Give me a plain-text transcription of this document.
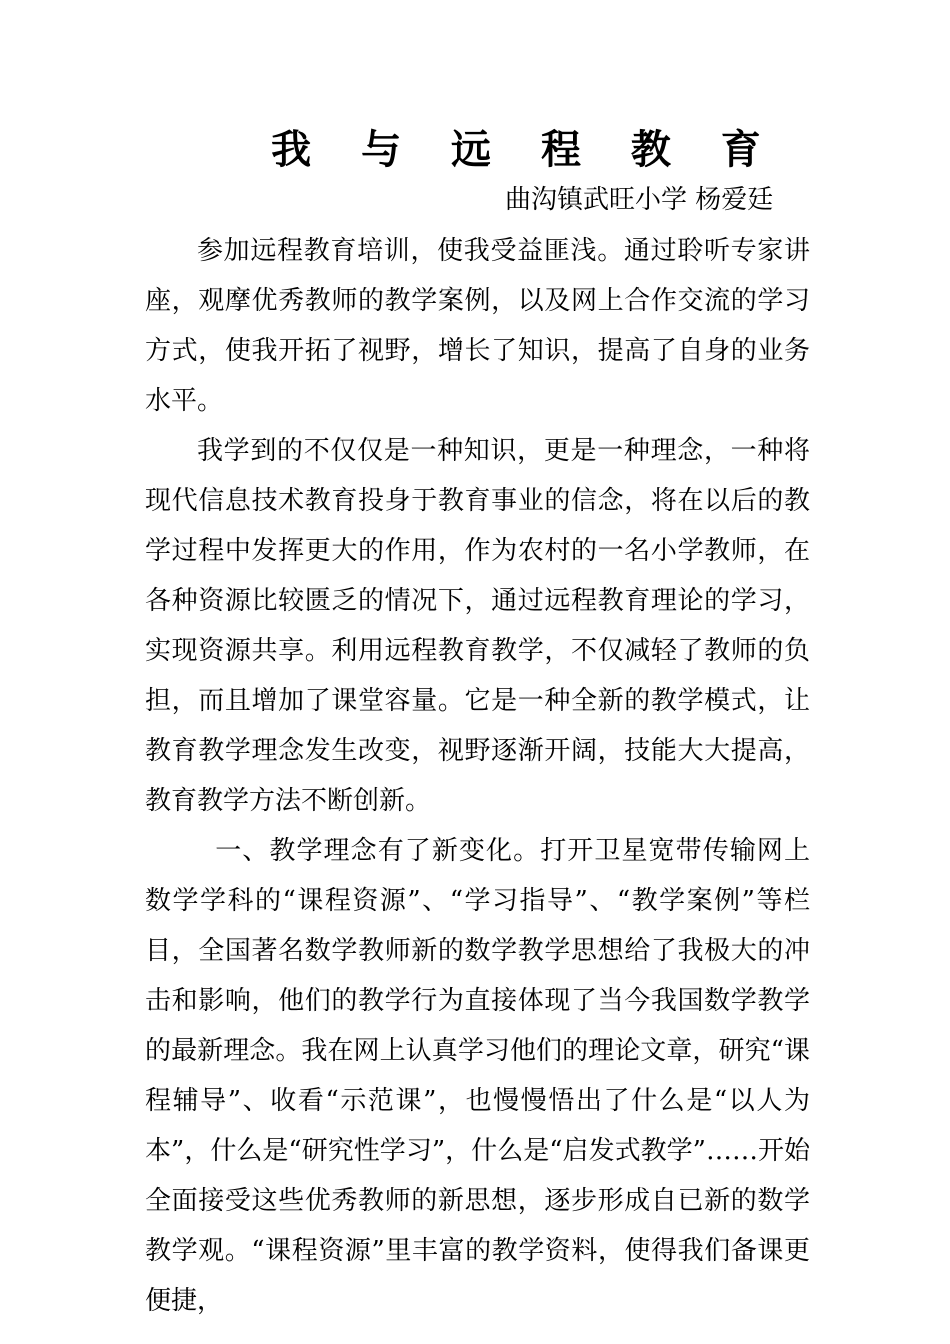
我 与 远 程 教 育
曲沟镇武旺小学 杨爱廷

参加远程教育培训，使我受益匪浅。通过聆听专家讲座，观摩优秀教师的教学案例，以及网上合作交流的学习方式，使我开拓了视野，增长了知识，提高了自身的业务水平。

我学到的不仅仅是一种知识，更是一种理念，一种将现代信息技术教育投身于教育事业的信念，将在以后的教学过程中发挥更大的作用，作为农村的一名小学教师，在各种资源比较匮乏的情况下，通过远程教育理论的学习，实现资源共享。利用远程教育教学，不仅减轻了教师的负担，而且增加了课堂容量。它是一种全新的教学模式，让教育教学理念发生改变，视野逐渐开阔，技能大大提高，教育教学方法不断创新。

一、教学理念有了新变化。打开卫星宽带传输网上数学学科的“课程资源”、“学习指导”、“教学案例”等栏目，全国著名数学教师新的数学教学思想给了我极大的冲击和影响，他们的教学行为直接体现了当今我国数学教学的最新理念。我在网上认真学习他们的理论文章，研究“课程辅导”、收看“示范课”，也慢慢悟出了什么是“以人为本”，什么是“研究性学习”，什么是“启发式教学”……开始全面接受这些优秀教师的新思想，逐步形成自已新的数学教学观。“课程资源”里丰富的教学资料，使得我们备课更便捷，
